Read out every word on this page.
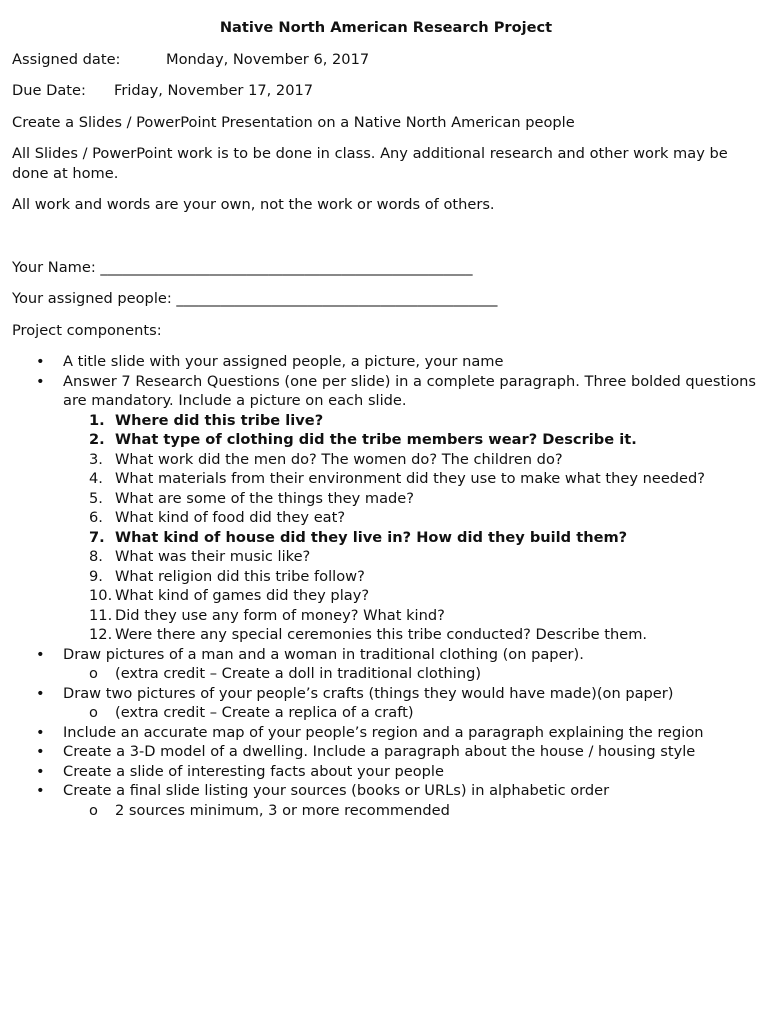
Native North American Research Project

Assigned date:	Monday, November 6, 2017

Due Date: Friday, November 17, 2017

Create a Slides / PowerPoint Presentation on a Native North American people

All Slides / PowerPoint work is to be done in class. Any additional research and other work may be done at home.

All work and words are your own, not the work or words of others.

Your Name: ___________________________________________________

Your assigned people: ____________________________________________

Project components:

• A title slide with your assigned people, a picture, your name
• Answer 7 Research Questions (one per slide) in a complete paragraph. Three bolded questions are mandatory. Include a picture on each slide.
1. Where did this tribe live?
2. What type of clothing did the tribe members wear? Describe it.
3. What work did the men do? The women do? The children do?
4. What materials from their environment did they use to make what they needed?
5. What are some of the things they made?
6. What kind of food did they eat?
7. What kind of house did they live in? How did they build them?
8. What was their music like?
9. What religion did this tribe follow?
10. What kind of games did they play?
11. Did they use any form of money? What kind?
12. Were there any special ceremonies this tribe conducted? Describe them.
• Draw pictures of a man and a woman in traditional clothing (on paper).
o (extra credit – Create a doll in traditional clothing)
• Draw two pictures of your people’s crafts (things they would have made)(on paper)
o (extra credit – Create a replica of a craft)
• Include an accurate map of your people’s region and a paragraph explaining the region
• Create a 3-D model of a dwelling. Include a paragraph about the house / housing style
• Create a slide of interesting facts about your people
• Create a final slide listing your sources (books or URLs) in alphabetic order
o 2 sources minimum, 3 or more recommended
